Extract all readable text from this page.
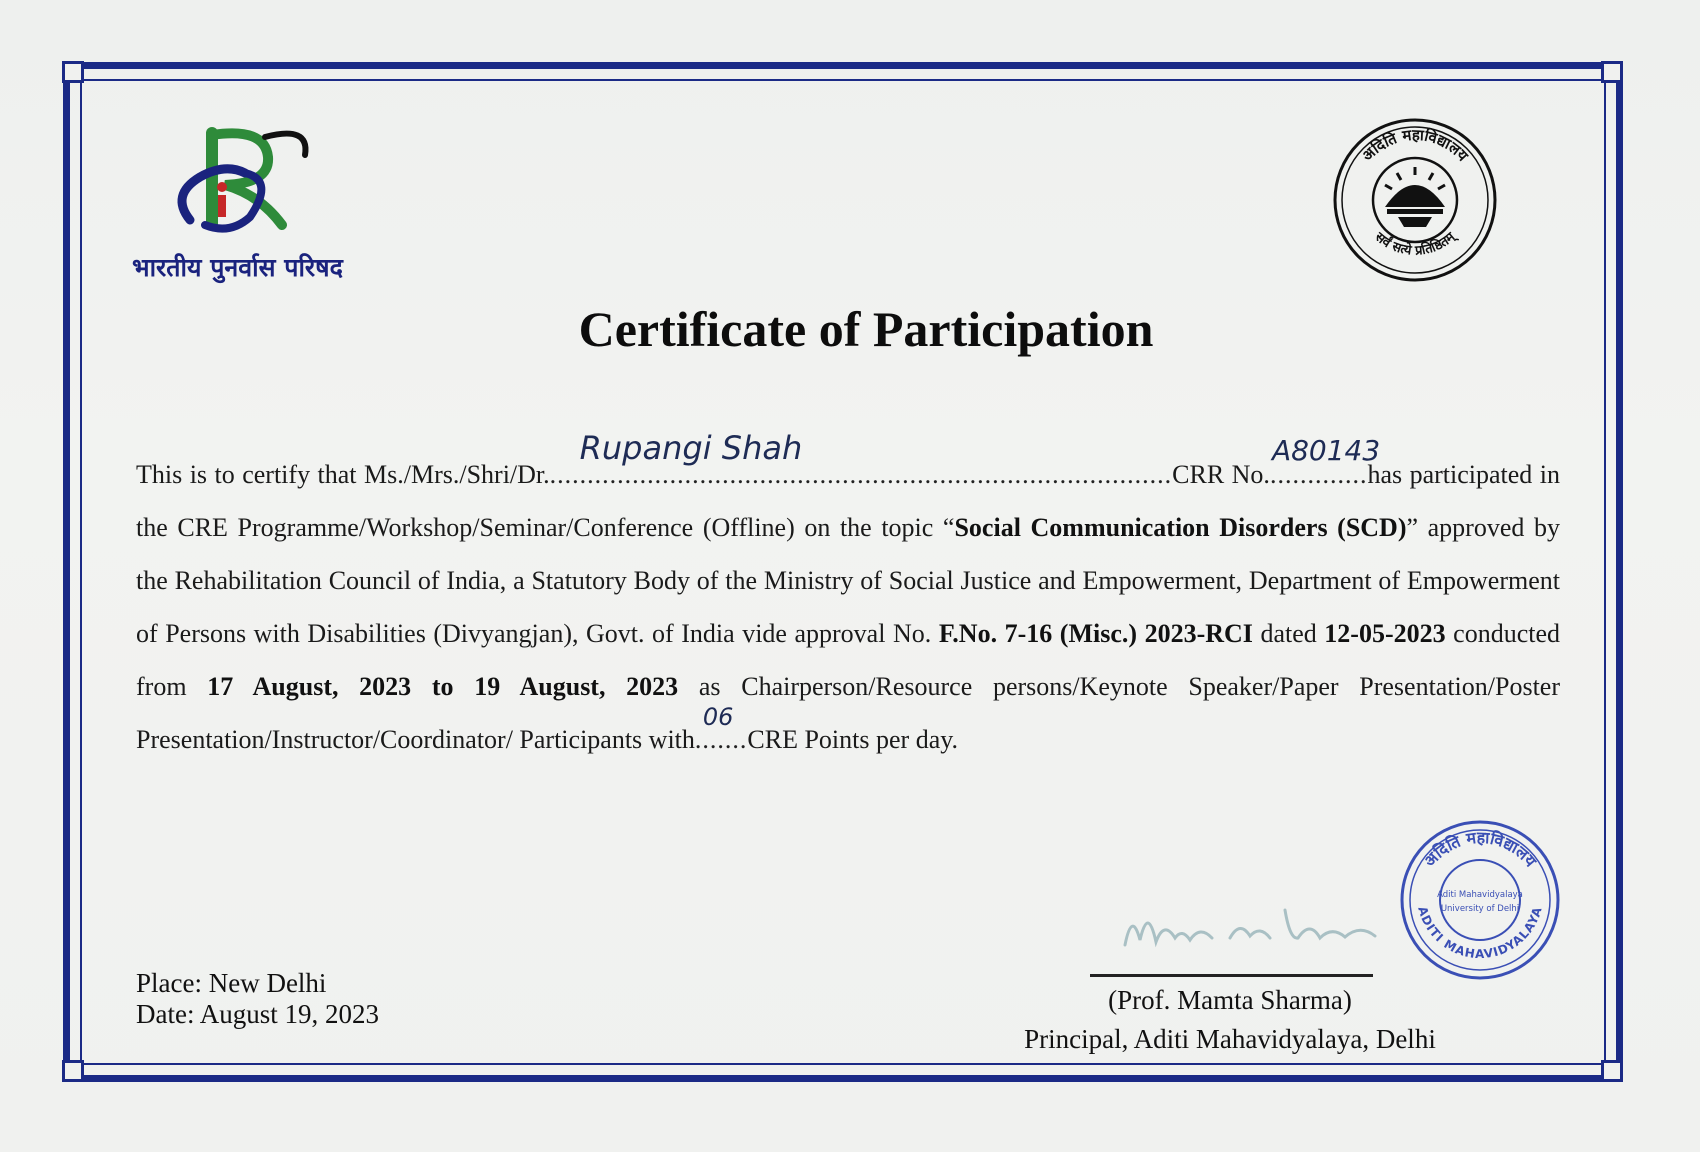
भारतीय पुनर्वास परिषद
अदिति महाविद्यालय
सर्वं सत्ये प्रतिष्ठितम्
Certificate of Participation
This is to certify that Ms./Mrs./Shri/Dr....................................................................................
Rupangi Shah
CRR No..............
A80143
has participated in the CRE Programme/Workshop/Seminar/Conference (Offline) on the topic “Social Communication Disorders (SCD)” approved by the Rehabilitation Council of India, a Statutory Body of the Ministry of Social Justice and Empowerment, Department of Empowerment of Persons with Disabilities (Divyangjan), Govt. of India vide approval No. F.No. 7-16 (Misc.) 2023-RCI dated 12-05-2023 conducted from 17 August, 2023 to 19 August, 2023 as Chairperson/Resource persons/Keynote Speaker/Paper Presentation/Poster Presentation/Instructor/Coordinator/ Participants with.......
06
CRE Points per day.
Place: New Delhi
Date: August 19, 2023	(Prof. Mamta Sharma)
Principal, Aditi Mahavidyalaya, Delhi
अदिति महाविद्यालय
ADITI MAHAVIDYALAYA
Aditi Mahavidyalaya
University of Delhi
